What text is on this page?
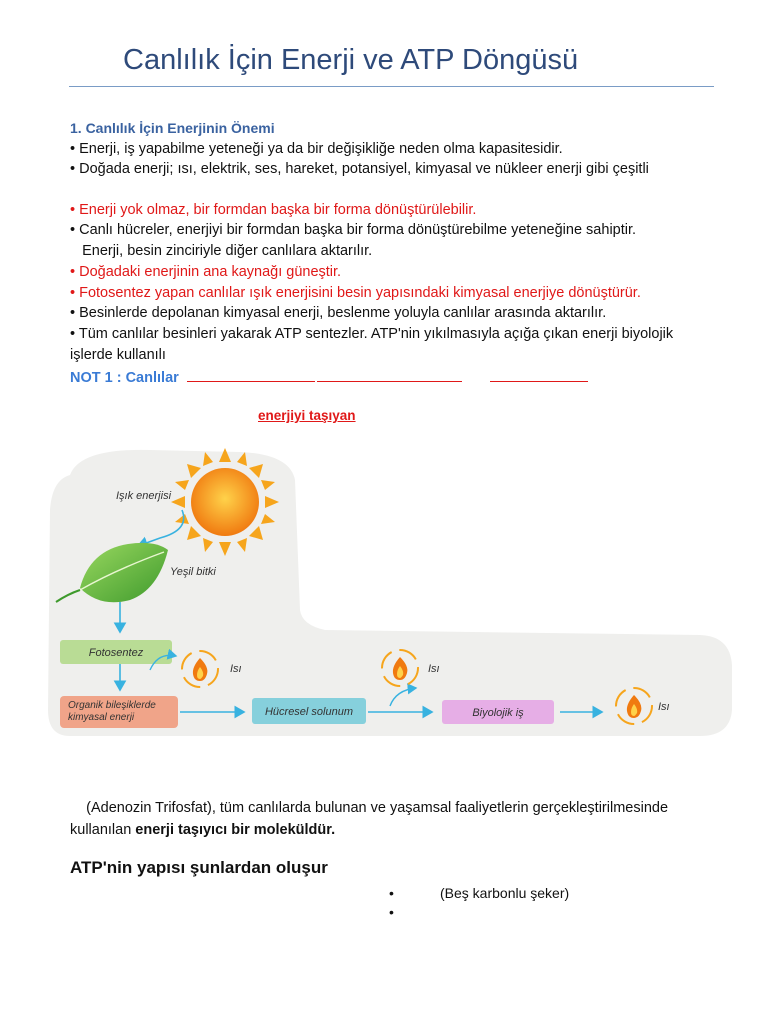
Canlılık İçin Enerji ve ATP Döngüsü
1. Canlılık İçin Enerjinin Önemi
• Enerji, iş yapabilme yeteneği ya da bir değişikliğe neden olma kapasitesidir.
• Doğada enerji; ısı, elektrik, ses, hareket, potansiyel, kimyasal ve nükleer enerji gibi çeşitli
• Enerji yok olmaz, bir formdan başka bir forma dönüştürülebilir.
• Canlı hücreler, enerjiyi bir formdan başka bir forma dönüştürebilme yeteneğine sahiptir.
Enerji, besin zinciriyle diğer canlılara aktarılır.
• Doğadaki enerjinin ana kaynağı güneştir.
• Fotosentez yapan canlılar ışık enerjisini besin yapısındaki kimyasal enerjiye dönüştürür.
• Besinlerde depolanan kimyasal enerji, beslenme yoluyla canlılar arasında aktarılır.
• Tüm canlılar besinleri yakarak ATP sentezler. ATP'nin yıkılmasıyla açığa çıkan enerji biyolojik
işlerde kullanılı
NOT 1 : Canlılar
enerjiyi taşıyan
Işık enerjisi
Yeşil bitki
Fotosentez
Isı
Organik bileşiklerde kimyasal enerji	Hücresel solunum
Isı
Biyolojik iş	Isı
(Adenozin Trifosfat), tüm canlılarda bulunan ve yaşamsal faaliyetlerin gerçekleştirilmesinde kullanılan enerji taşıyıcı bir moleküldür.
ATP'nin yapısı şunlardan oluşur
•	(Beş karbonlu şeker)
•
